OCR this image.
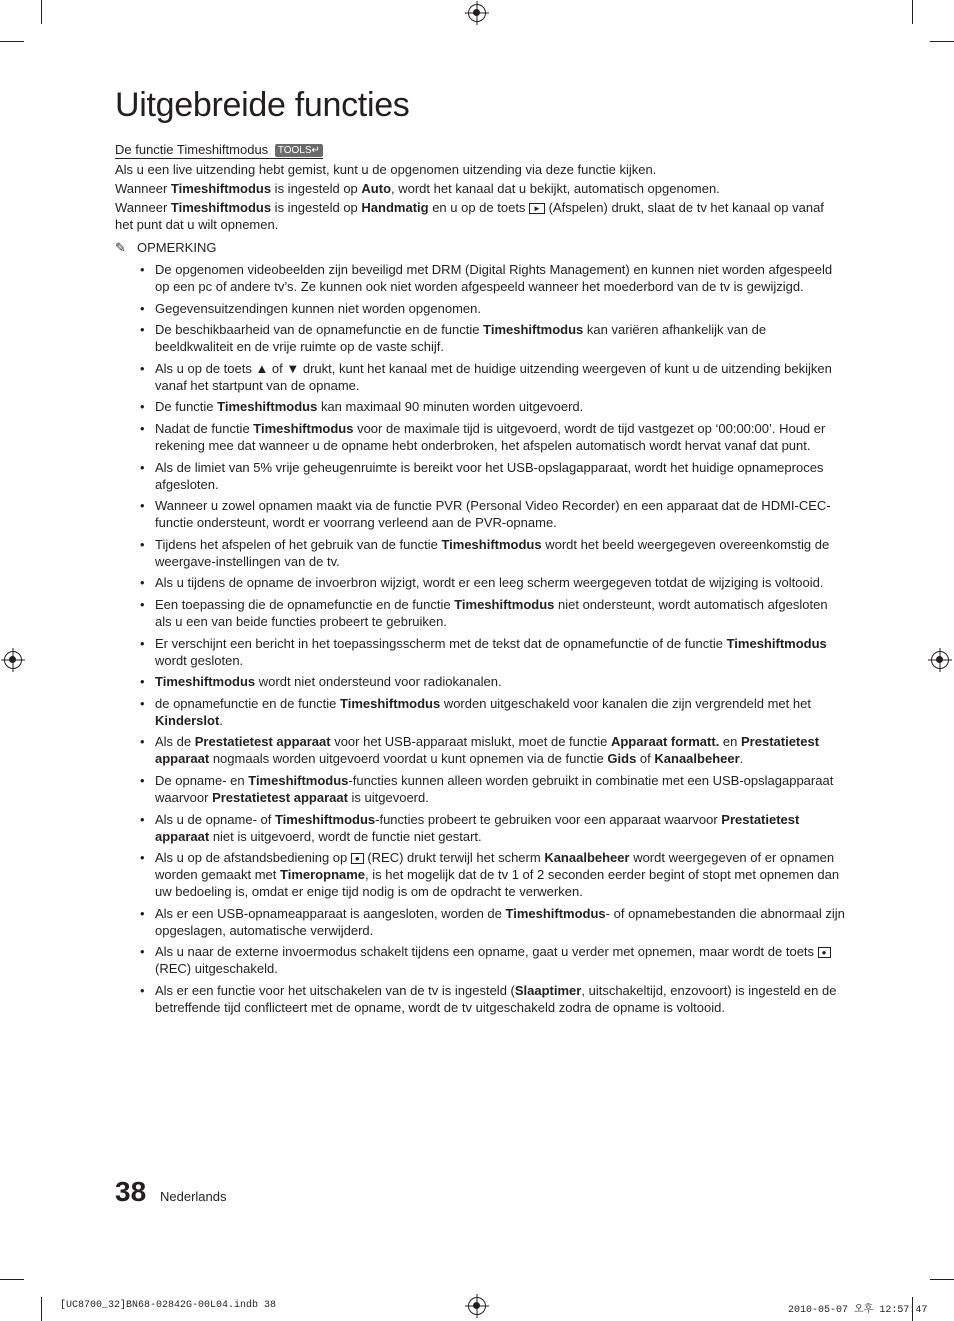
Uitgebreide functies
De functie Timeshiftmodus TOOLS↵

Als u een live uitzending hebt gemist, kunt u de opgenomen uitzending via deze functie kijken.

Wanneer Timeshiftmodus is ingesteld op Auto, wordt het kanaal dat u bekijkt, automatisch opgenomen.

Wanneer Timeshiftmodus is ingesteld op Handmatig en u op de toets ► (Afspelen) drukt, slaat de tv het kanaal op vanaf het punt dat u wilt opnemen.

✎ OPMERKING
• De opgenomen videobeelden zijn beveiligd met DRM (Digital Rights Management) en kunnen niet worden afgespeeld op een pc of andere tv’s. Ze kunnen ook niet worden afgespeeld wanneer het moederbord van de tv is gewijzigd.
• Gegevensuitzendingen kunnen niet worden opgenomen.
• De beschikbaarheid van de opnamefunctie en de functie Timeshiftmodus kan variëren afhankelijk van de beeldkwaliteit en de vrije ruimte op de vaste schijf.
• Als u op de toets ▲ of ▼ drukt, kunt het kanaal met de huidige uitzending weergeven of kunt u de uitzending bekijken vanaf het startpunt van de opname.
• De functie Timeshiftmodus kan maximaal 90 minuten worden uitgevoerd.
• Nadat de functie Timeshiftmodus voor de maximale tijd is uitgevoerd, wordt de tijd vastgezet op ‘00:00:00’. Houd er rekening mee dat wanneer u de opname hebt onderbroken, het afspelen automatisch wordt hervat vanaf dat punt.
• Als de limiet van 5% vrije geheugenruimte is bereikt voor het USB-opslagapparaat, wordt het huidige opnameproces afgesloten.
• Wanneer u zowel opnamen maakt via de functie PVR (Personal Video Recorder) en een apparaat dat de HDMI-CEC-functie ondersteunt, wordt er voorrang verleend aan de PVR-opname.
• Tijdens het afspelen of het gebruik van de functie Timeshiftmodus wordt het beeld weergegeven overeenkomstig de weergave-instellingen van de tv.
• Als u tijdens de opname de invoerbron wijzigt, wordt er een leeg scherm weergegeven totdat de wijziging is voltooid.
• Een toepassing die de opnamefunctie en de functie Timeshiftmodus niet ondersteunt, wordt automatisch afgesloten als u een van beide functies probeert te gebruiken.
• Er verschijnt een bericht in het toepassingsscherm met de tekst dat de opnamefunctie of de functie Timeshiftmodus wordt gesloten.
• Timeshiftmodus wordt niet ondersteund voor radiokanalen.
• de opnamefunctie en de functie Timeshiftmodus worden uitgeschakeld voor kanalen die zijn vergrendeld met het Kinderslot.
• Als de Prestatietest apparaat voor het USB-apparaat mislukt, moet de functie Apparaat formatt. en Prestatietest apparaat nogmaals worden uitgevoerd voordat u kunt opnemen via de functie Gids of Kanaalbeheer.
• De opname- en Timeshiftmodus-functies kunnen alleen worden gebruikt in combinatie met een USB-opslagapparaat waarvoor Prestatietest apparaat is uitgevoerd.
• Als u de opname- of Timeshiftmodus-functies probeert te gebruiken voor een apparaat waarvoor Prestatietest apparaat niet is uitgevoerd, wordt de functie niet gestart.
• Als u op de afstandsbediening op ● (REC) drukt terwijl het scherm Kanaalbeheer wordt weergegeven of er opnamen worden gemaakt met Timeropname, is het mogelijk dat de tv 1 of 2 seconden eerder begint of stopt met opnemen dan uw bedoeling is, omdat er enige tijd nodig is om de opdracht te verwerken.
• Als er een USB-opnameapparaat is aangesloten, worden de Timeshiftmodus- of opnamebestanden die abnormaal zijn opgeslagen, automatische verwijderd.
• Als u naar de externe invoermodus schakelt tijdens een opname, gaat u verder met opnemen, maar wordt de toets ● (REC) uitgeschakeld.
• Als er een functie voor het uitschakelen van de tv is ingesteld (Slaaptimer, uitschakeltijd, enzovoort) is ingesteld en de betreffende tijd conflicteert met de opname, wordt de tv uitgeschakeld zodra de opname is voltooid.
38 Nederlands
[UC8700_32]BN68-02842G-00L04.indb 38	2010-05-07 오후 12:57:47
